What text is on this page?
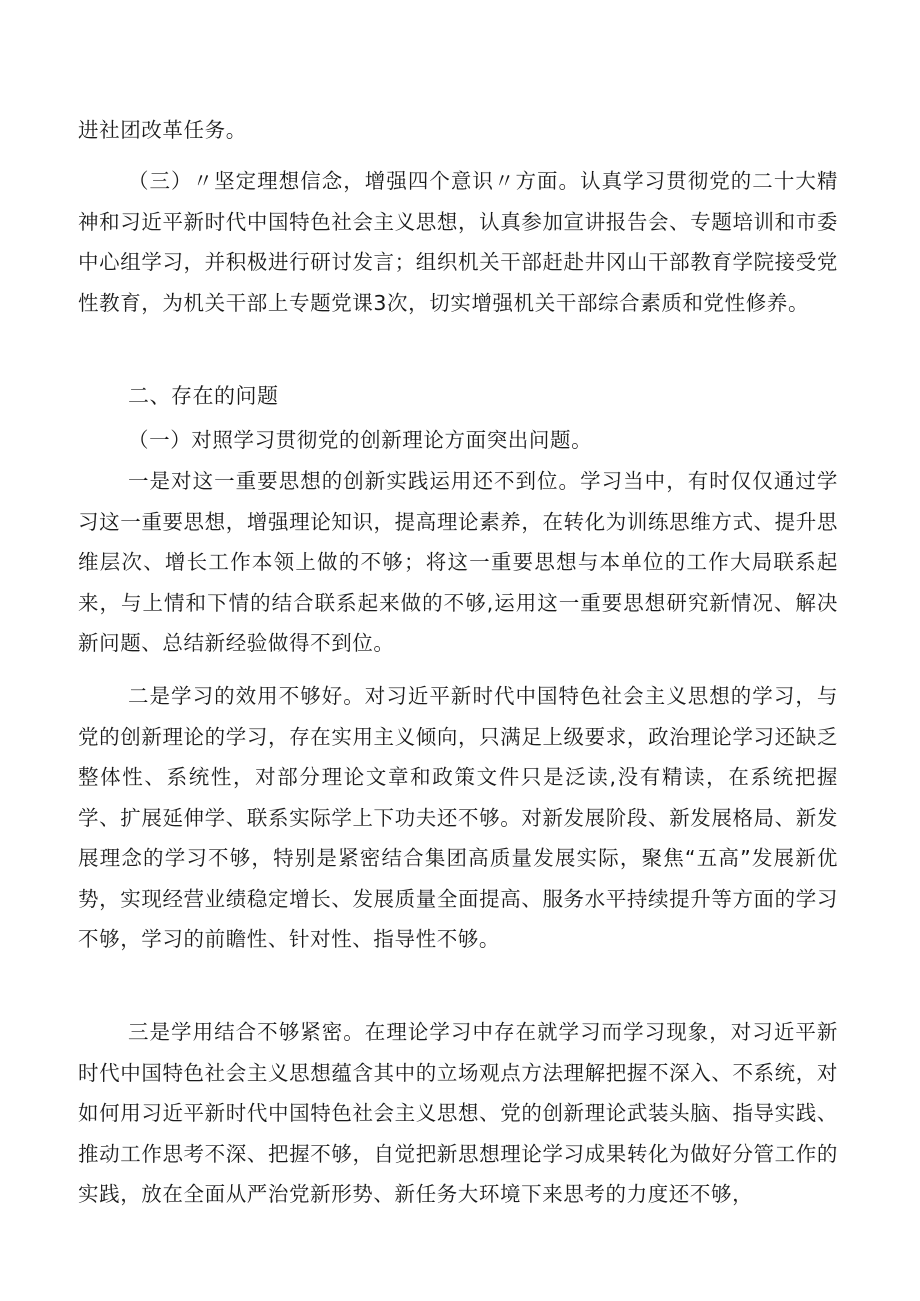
进社团改革任务。

（三）〃坚定理想信念，增强四个意识〃方面。认真学习贯彻党的二十大精神和习近平新时代中国特色社会主义思想，认真参加宣讲报告会、专题培训和市委中心组学习，并积极进行研讨发言；组织机关干部赶赴井冈山干部教育学院接受党性教育，为机关干部上专题党课3次，切实增强机关干部综合素质和党性修养。

二、存在的问题

（一）对照学习贯彻党的创新理论方面突出问题。

一是对这一重要思想的创新实践运用还不到位。学习当中，有时仅仅通过学习这一重要思想，增强理论知识，提高理论素养，在转化为训练思维方式、提升思维层次、增长工作本领上做的不够；将这一重要思想与本单位的工作大局联系起来，与上情和下情的结合联系起来做的不够,运用这一重要思想研究新情况、解决新问题、总结新经验做得不到位。

二是学习的效用不够好。对习近平新时代中国特色社会主义思想的学习，与党的创新理论的学习，存在实用主义倾向，只满足上级要求，政治理论学习还缺乏整体性、系统性，对部分理论文章和政策文件只是泛读,没有精读，在系统把握学、扩展延伸学、联系实际学上下功夫还不够。对新发展阶段、新发展格局、新发展理念的学习不够，特别是紧密结合集团高质量发展实际，聚焦“五高”发展新优势，实现经营业绩稳定增长、发展质量全面提高、服务水平持续提升等方面的学习不够，学习的前瞻性、针对性、指导性不够。

三是学用结合不够紧密。在理论学习中存在就学习而学习现象，对习近平新时代中国特色社会主义思想蕴含其中的立场观点方法理解把握不深入、不系统，对如何用习近平新时代中国特色社会主义思想、党的创新理论武装头脑、指导实践、推动工作思考不深、把握不够，自觉把新思想理论学习成果转化为做好分管工作的实践，放在全面从严治党新形势、新任务大环境下来思考的力度还不够，
